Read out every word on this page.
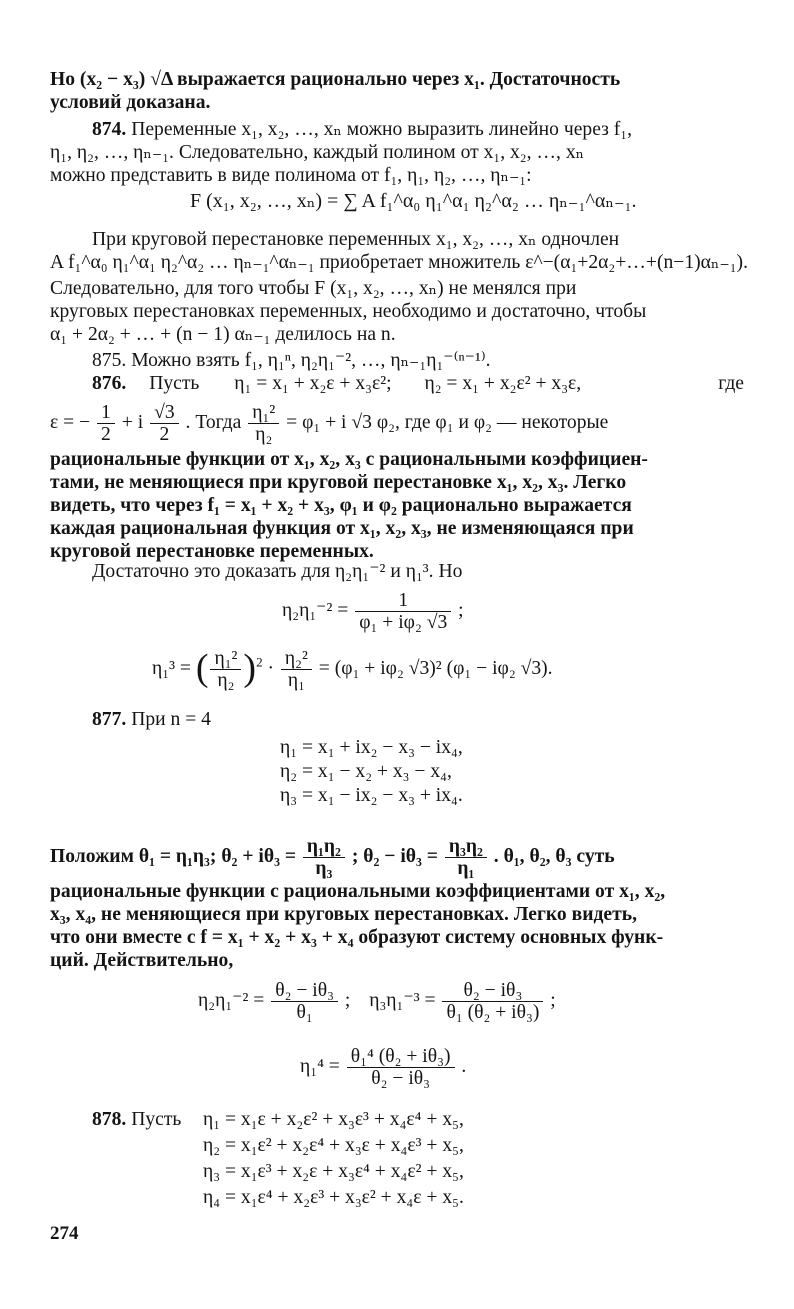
Но (x₂ − x₃) √Δ выражается рационально через x₁. Достаточность
условий доказана.
874. Переменные x₁, x₂, …, xₙ можно выразить линейно через f₁,
η₁, η₂, …, ηₙ₋₁. Следовательно, каждый полином от x₁, x₂, …, xₙ
можно представить в виде полинома от f₁, η₁, η₂, …, ηₙ₋₁:
F (x₁, x₂, …, xₙ) = ∑ A f₁^α₀ η₁^α₁ η₂^α₂ … ηₙ₋₁^αₙ₋₁.
При круговой перестановке переменных x₁, x₂, …, xₙ одночлен
A f₁^α₀ η₁^α₁ η₂^α₂ … ηₙ₋₁^αₙ₋₁ приобретает множитель ε^−(α₁+2α₂+…+(n−1)αₙ₋₁).
Следовательно, для того чтобы F (x₁, x₂, …, xₙ) не менялся при
круговых перестановках переменных, необходимо и достаточно, чтобы
α₁ + 2α₂ + … + (n − 1) αₙ₋₁ делилось на n.
875. Можно взять f₁, η₁ⁿ, η₂η₁⁻², …, ηₙ₋₁η₁⁻⁽ⁿ⁻¹⁾.
876. Пусть η₁ = x₁ + x₂ε + x₃ε²; η₂ = x₁ + x₂ε² + x₃ε,	где
ε = − $\frac{1}{2} + i \frac{√3}{2}$ . Тогда $\frac{\text{η₁²}}{\text{η₂}} = \varphi_1 + i$ √3 φ₂, где φ₁ и φ₂ — некоторые
рациональные функции от x₁, x₂, x₃ с рациональными коэффициен-
тами, не меняющиеся при круговой перестановке x₁, x₂, x₃. Легко
видеть, что через f₁ = x₁ + x₂ + x₃, φ₁ и φ₂ рационально выражается
каждая рациональная функция от x₁, x₂, x₃, не изменяющаяся при
круговой перестановке переменных.
Достаточно это доказать для η₂η₁⁻² и η₁³. Но
$\eta_2\eta_1^{-2} = \frac{1}{\text{φ₁ + iφ₂ √3}}$ ;
η₁³ = ( $\frac{\text{η₁²}}{\text{η₂}} )^2 \cdot \frac{\text{η₂²}}{\text{η₁}} = (\varphi_1 + i\varphi_2$ √3)² (φ₁ − iφ₂ √3).
877. При n = 4
η₁ = x₁ + ix₂ − x₃ − ix₄,
η₂ = x₁ − x₂ + x₃ − x₄,
η₃ = x₁ − ix₂ − x₃ + ix₄.
Положим θ₁ = η₁η₃; $\theta_2 + i\theta_3 = \frac{\text{η₁η₂}}{\text{η₃}}$ ; $\theta_2 - i\theta_3 = \frac{\text{η₃η₂}}{\text{η₁}}$ . θ₁, θ₂, θ₃ суть
рациональные функции с рациональными коэффициентами от x₁, x₂,
x₃, x₄, не меняющиеся при круговых перестановках. Легко видеть,
что они вместе с f = x₁ + x₂ + x₃ + x₄ образуют систему основных функ-
ций. Действительно,
$\eta_2\eta_1^{-2} = \frac{\text{θ₂ − iθ₃}}{\text{θ₁}}$ ; $\eta_3\eta_1^{-3} = \frac{\text{θ₂ − iθ₃}}{\text{θ₁ (θ₂ + iθ₃)}}$ ;
$\eta_1^4 = \frac{\text{θ₁⁴ (θ₂ + iθ₃)}}{\text{θ₂ − iθ₃}}$ .
878. Пусть η₁ = x₁ε + x₂ε² + x₃ε³ + x₄ε⁴ + x₅,
η₂ = x₁ε² + x₂ε⁴ + x₃ε + x₄ε³ + x₅,
η₃ = x₁ε³ + x₂ε + x₃ε⁴ + x₄ε² + x₅,
η₄ = x₁ε⁴ + x₂ε³ + x₃ε² + x₄ε + x₅.
274
